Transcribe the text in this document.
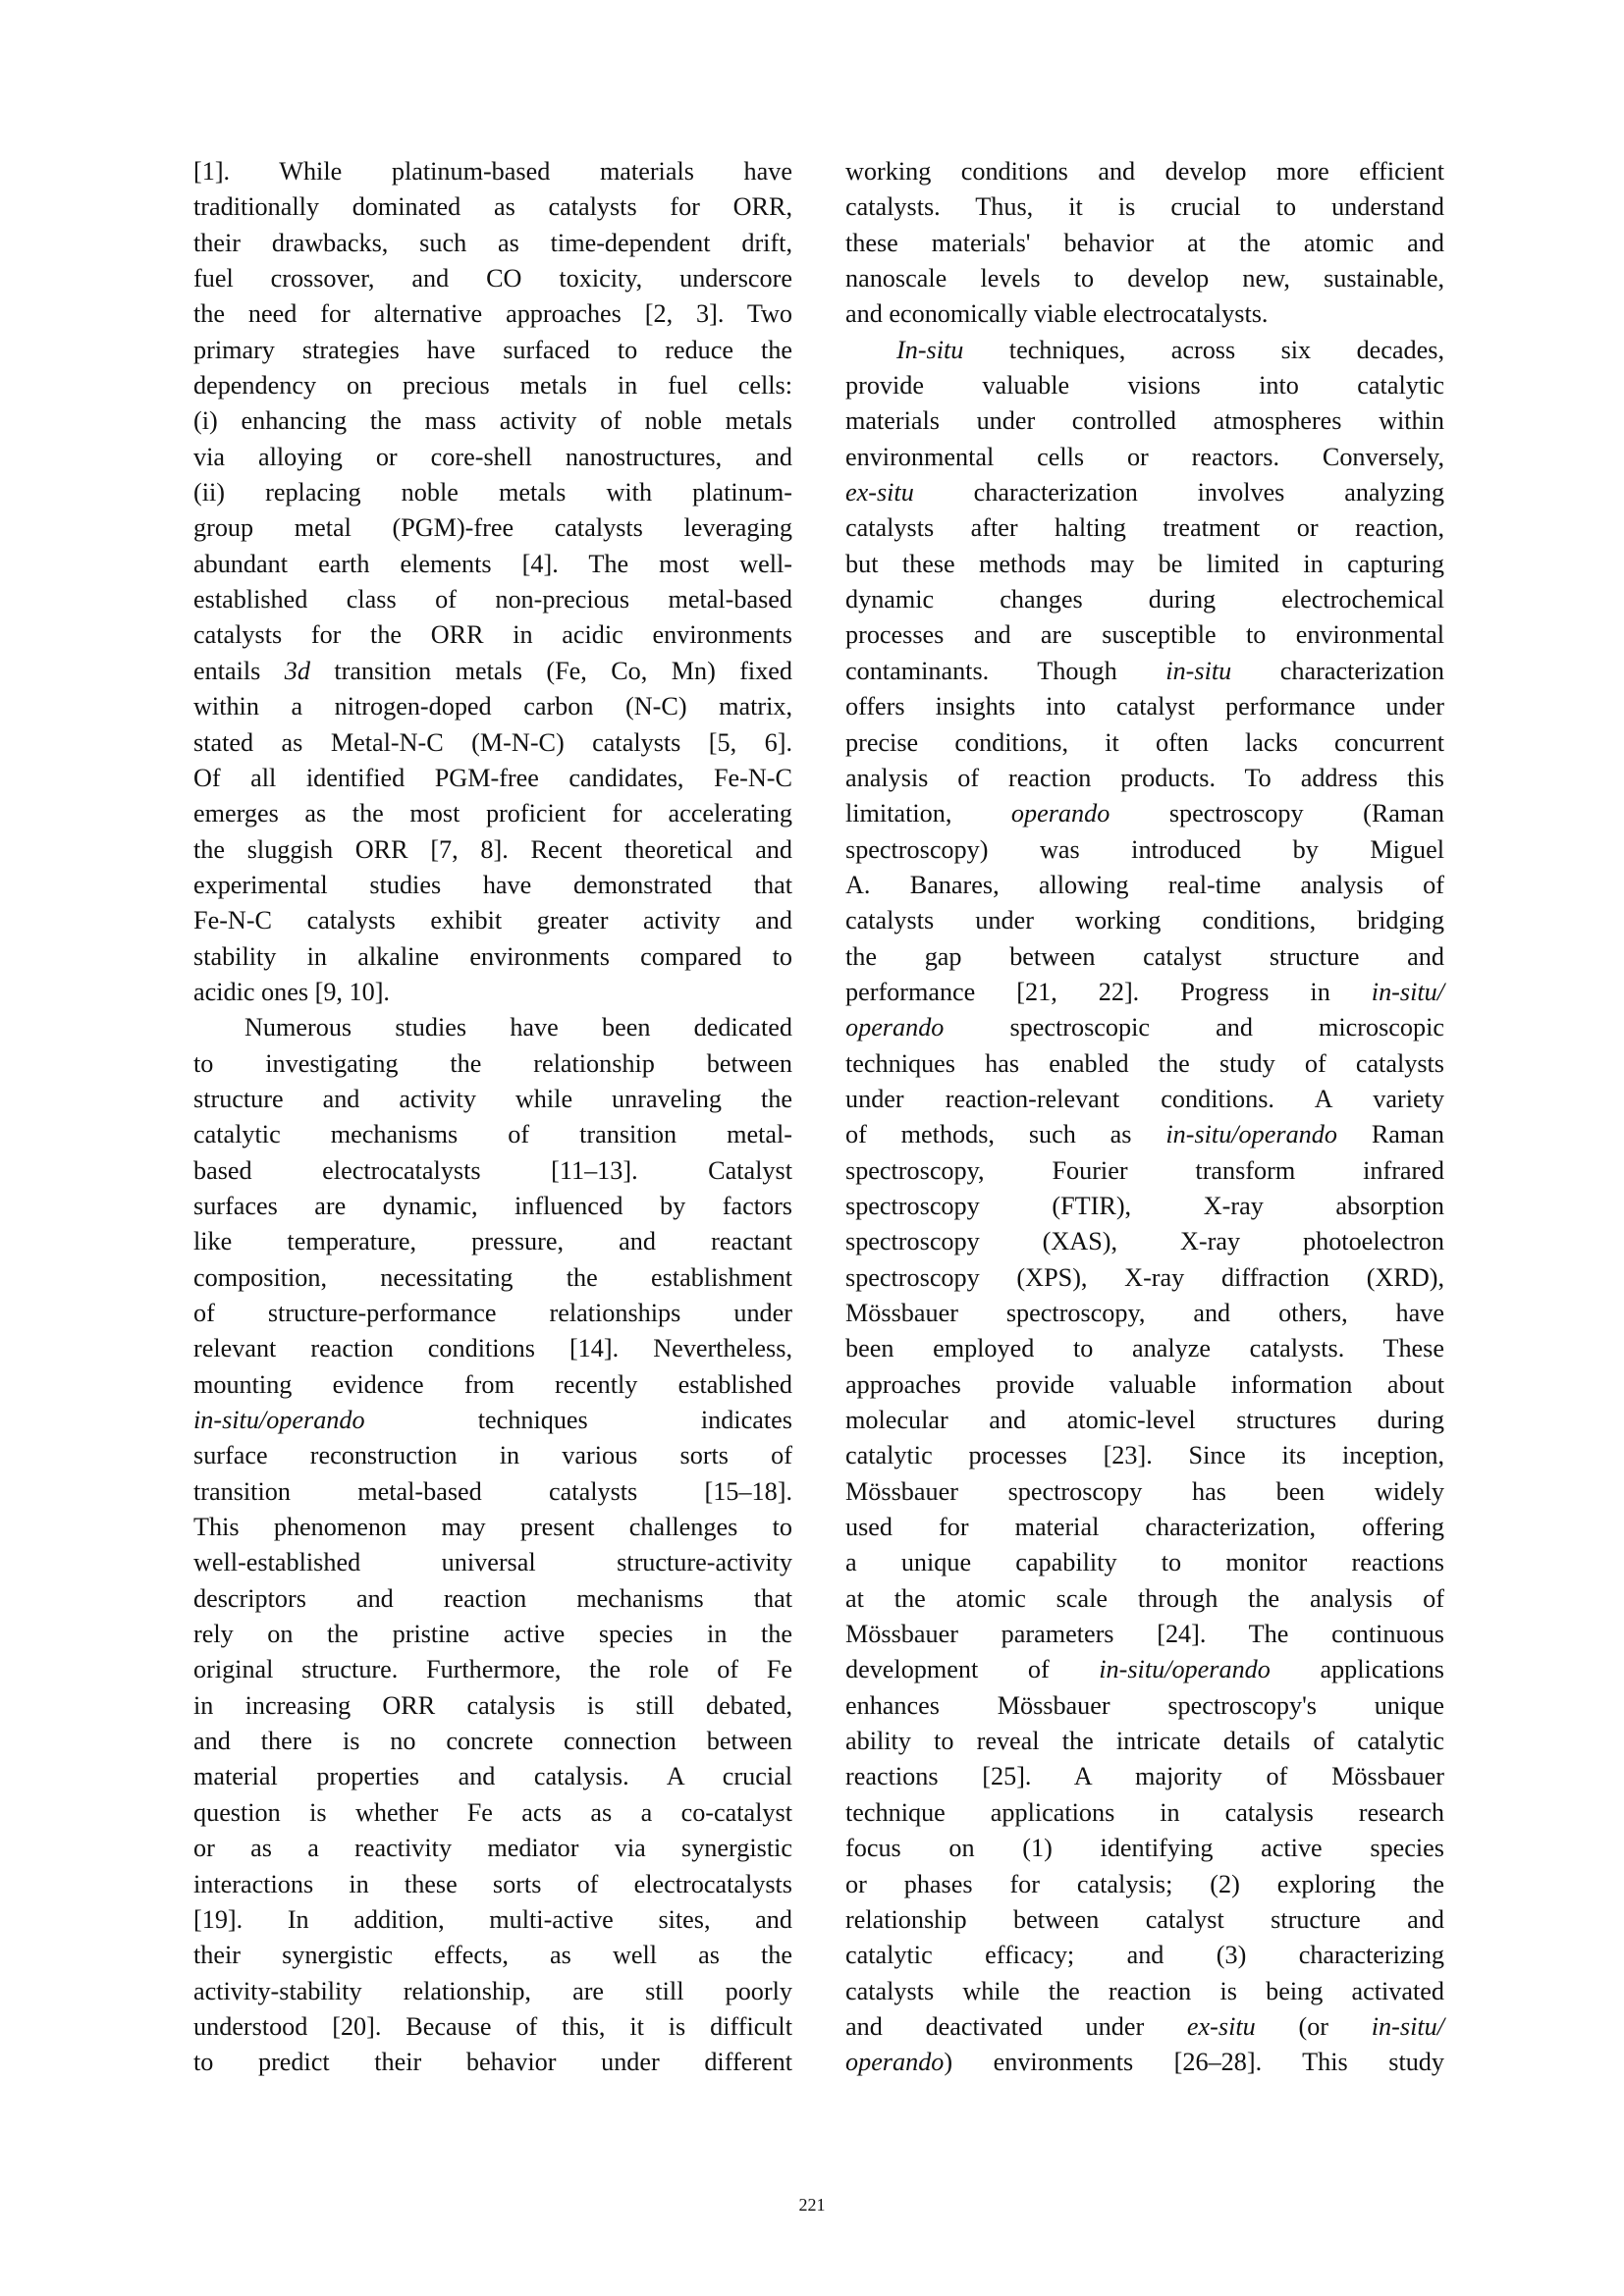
[1]. While platinum-based materials have
traditionally dominated as catalysts for ORR,
their drawbacks, such as time-dependent drift,
fuel crossover, and CO toxicity, underscore
the need for alternative approaches [2, 3]. Two
primary strategies have surfaced to reduce the
dependency on precious metals in fuel cells:
(i) enhancing the mass activity of noble metals
via alloying or core-shell nanostructures, and
(ii) replacing noble metals with platinum-
group metal (PGM)-free catalysts leveraging
abundant earth elements [4]. The most well-
established class of non-precious metal-based
catalysts for the ORR in acidic environments
entails 3d transition metals (Fe, Co, Mn) fixed
within a nitrogen-doped carbon (N-C) matrix,
stated as Metal-N-C (M-N-C) catalysts [5, 6].
Of all identified PGM-free candidates, Fe-N-C
emerges as the most proficient for accelerating
the sluggish ORR [7, 8]. Recent theoretical and
experimental studies have demonstrated that
Fe-N-C catalysts exhibit greater activity and
stability in alkaline environments compared to
acidic ones [9, 10].
Numerous studies have been dedicated
to investigating the relationship between
structure and activity while unraveling the
catalytic mechanisms of transition metal-
based electrocatalysts [11–13]. Catalyst
surfaces are dynamic, influenced by factors
like temperature, pressure, and reactant
composition, necessitating the establishment
of structure-performance relationships under
relevant reaction conditions [14]. Nevertheless,
mounting evidence from recently established
in-situ/operando techniques indicates
surface reconstruction in various sorts of
transition metal-based catalysts [15–18].
This phenomenon may present challenges to
well-established universal structure-activity
descriptors and reaction mechanisms that
rely on the pristine active species in the
original structure. Furthermore, the role of Fe
in increasing ORR catalysis is still debated,
and there is no concrete connection between
material properties and catalysis. A crucial
question is whether Fe acts as a co-catalyst
or as a reactivity mediator via synergistic
interactions in these sorts of electrocatalysts
[19]. In addition, multi-active sites, and
their synergistic effects, as well as the
activity-stability relationship, are still poorly
understood [20]. Because of this, it is difficult
to predict their behavior under different
working conditions and develop more efficient
catalysts. Thus, it is crucial to understand
these materials' behavior at the atomic and
nanoscale levels to develop new, sustainable,
and economically viable electrocatalysts.
In-situ techniques, across six decades,
provide valuable visions into catalytic
materials under controlled atmospheres within
environmental cells or reactors. Conversely,
ex-situ characterization involves analyzing
catalysts after halting treatment or reaction,
but these methods may be limited in capturing
dynamic changes during electrochemical
processes and are susceptible to environmental
contaminants. Though in-situ characterization
offers insights into catalyst performance under
precise conditions, it often lacks concurrent
analysis of reaction products. To address this
limitation, operando spectroscopy (Raman
spectroscopy) was introduced by Miguel
A. Banares, allowing real-time analysis of
catalysts under working conditions, bridging
the gap between catalyst structure and
performance [21, 22]. Progress in in-situ/
operando spectroscopic and microscopic
techniques has enabled the study of catalysts
under reaction-relevant conditions. A variety
of methods, such as in-situ/operando Raman
spectroscopy, Fourier transform infrared
spectroscopy (FTIR), X-ray absorption
spectroscopy (XAS), X-ray photoelectron
spectroscopy (XPS), X-ray diffraction (XRD),
Mössbauer spectroscopy, and others, have
been employed to analyze catalysts. These
approaches provide valuable information about
molecular and atomic-level structures during
catalytic processes [23]. Since its inception,
Mössbauer spectroscopy has been widely
used for material characterization, offering
a unique capability to monitor reactions
at the atomic scale through the analysis of
Mössbauer parameters [24]. The continuous
development of in-situ/operando applications
enhances Mössbauer spectroscopy's unique
ability to reveal the intricate details of catalytic
reactions [25]. A majority of Mössbauer
technique applications in catalysis research
focus on (1) identifying active species
or phases for catalysis; (2) exploring the
relationship between catalyst structure and
catalytic efficacy; and (3) characterizing
catalysts while the reaction is being activated
and deactivated under ex-situ (or in-situ/
operando) environments [26–28]. This study
221
